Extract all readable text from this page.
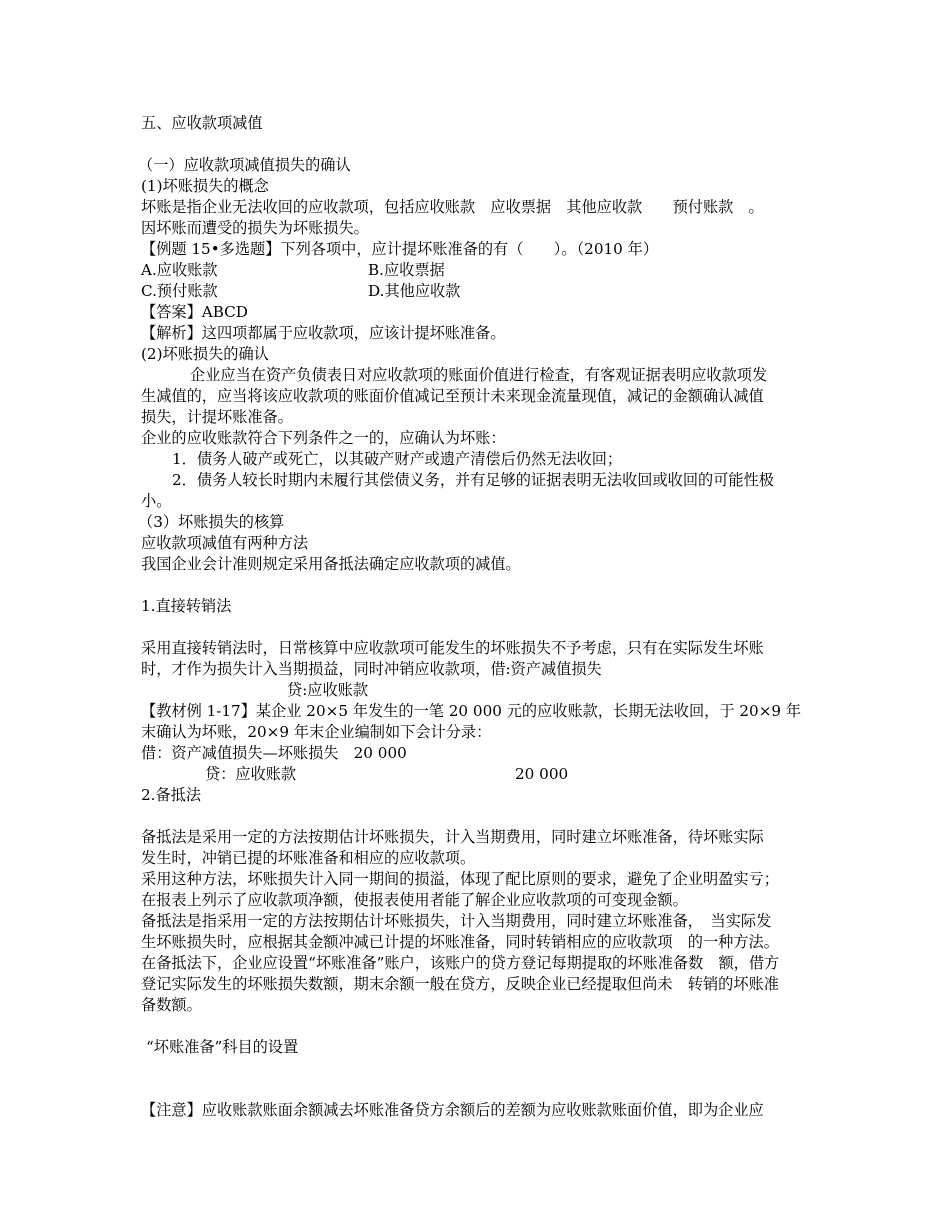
五、应收款项减值
（一）应收款项减值损失的确认
(1)坏账损失的概念
坏账是指企业无法收回的应收款项，包括应收账款　应收票据　其他应收款　　预付账款　。
因坏账而遭受的损失为坏账损失。
【例题 15•多选题】下列各项中，应计提坏账准备的有（　　）。（2010 年）
A.应收账款	B.应收票据
C.预付账款	D.其他应收款
【答案】ABCD
【解析】这四项都属于应收款项，应该计提坏账准备。
(2)坏账损失的确认
企业应当在资产负债表日对应收款项的账面价值进行检查，有客观证据表明应收款项发
生减值的，应当将该应收款项的账面价值减记至预计未来现金流量现值，减记的金额确认减值
损失，计提坏账准备。
企业的应收账款符合下列条件之一的，应确认为坏账：
1．债务人破产或死亡，以其破产财产或遗产清偿后仍然无法收回；
2．债务人较长时期内未履行其偿债义务，并有足够的证据表明无法收回或收回的可能性极
小。
（3）坏账损失的核算
应收款项减值有两种方法
我国企业会计准则规定采用备抵法确定应收款项的减值。
1.直接转销法
采用直接转销法时，日常核算中应收款项可能发生的坏账损失不予考虑，只有在实际发生坏账
时，才作为损失计入当期损益，同时冲销应收款项，借:资产减值损失
贷:应收账款
【教材例 1-17】某企业 20×5 年发生的一笔 20 000 元的应收账款，长期无法收回，于 20×9 年
末确认为坏账，20×9 年末企业编制如下会计分录：
借：资产减值损失—坏账损失　20 000
贷：应收账款	20 000
2.备抵法
备抵法是采用一定的方法按期估计坏账损失，计入当期费用，同时建立坏账准备，待坏账实际
发生时，冲销已提的坏账准备和相应的应收款项。
采用这种方法，坏账损失计入同一期间的损溢，体现了配比原则的要求，避免了企业明盈实亏；
在报表上列示了应收款项净额，使报表使用者能了解企业应收款项的可变现金额。
备抵法是指采用一定的方法按期估计坏账损失，计入当期费用，同时建立坏账准备，　当实际发
生坏账损失时，应根据其金额冲减已计提的坏账准备，同时转销相应的应收款项　的一种方法。
在备抵法下，企业应设置“坏账准备”账户，该账户的贷方登记每期提取的坏账准备数　额，借方
登记实际发生的坏账损失数额，期末余额一般在贷方，反映企业已经提取但尚未　转销的坏账准
备数额。
“坏账准备”科目的设置
【注意】应收账款账面余额减去坏账准备贷方余额后的差额为应收账款账面价值，即为企业应
